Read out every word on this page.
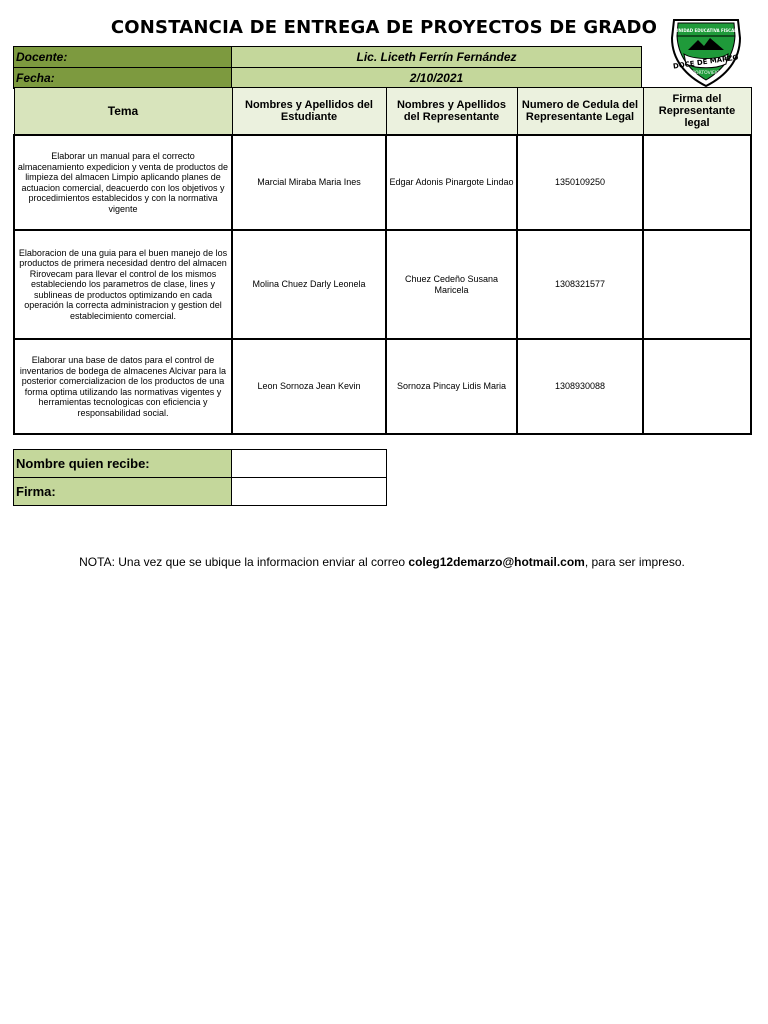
CONSTANCIA DE ENTREGA DE PROYECTOS DE GRADO	UNIDAD EDUCATIVA FISCAL
DOCE DE MARZO
PORTOVIEJO
Docente:	Lic. Liceth Ferrín Fernández
Fecha:	2/10/2021
Tema	Nombres y Apellidos del Estudiante	Nombres y Apellidos del Representante	Numero de Cedula del Representante Legal	Firma del Representante legal
Elaborar un manual para el correcto almacenamiento expedicion y venta de productos de limpieza del almacen Limpio aplicando planes de actuacion comercial, deacuerdo con los objetivos y procedimientos establecidos y con la normativa vigente	Marcial Miraba Maria Ines	Edgar Adonis Pinargote Lindao	1350109250	
Elaboracion de una guia para el buen manejo de los productos de primera necesidad dentro del almacen Rirovecam para llevar el control de los mismos estableciendo los parametros de clase, lines y sublineas de productos optimizando en cada operación la correcta administracion y gestion del establecimiento comercial.	Molina Chuez Darly Leonela	Chuez Cedeño Susana Maricela	1308321577	
Elaborar una base de datos para el control de inventarios de bodega de almacenes Alcivar para la posterior comercializacion de los productos de una forma optima utilizando las normativas vigentes y herramientas tecnologicas con eficiencia y responsabilidad social.	Leon Sornoza Jean Kevin	Sornoza Pincay Lidis Maria	1308930088	
Nombre quien recibe:	
Firma:	
NOTA: Una vez que se ubique la informacion enviar al correo coleg12demarzo@hotmail.com, para ser impreso.
